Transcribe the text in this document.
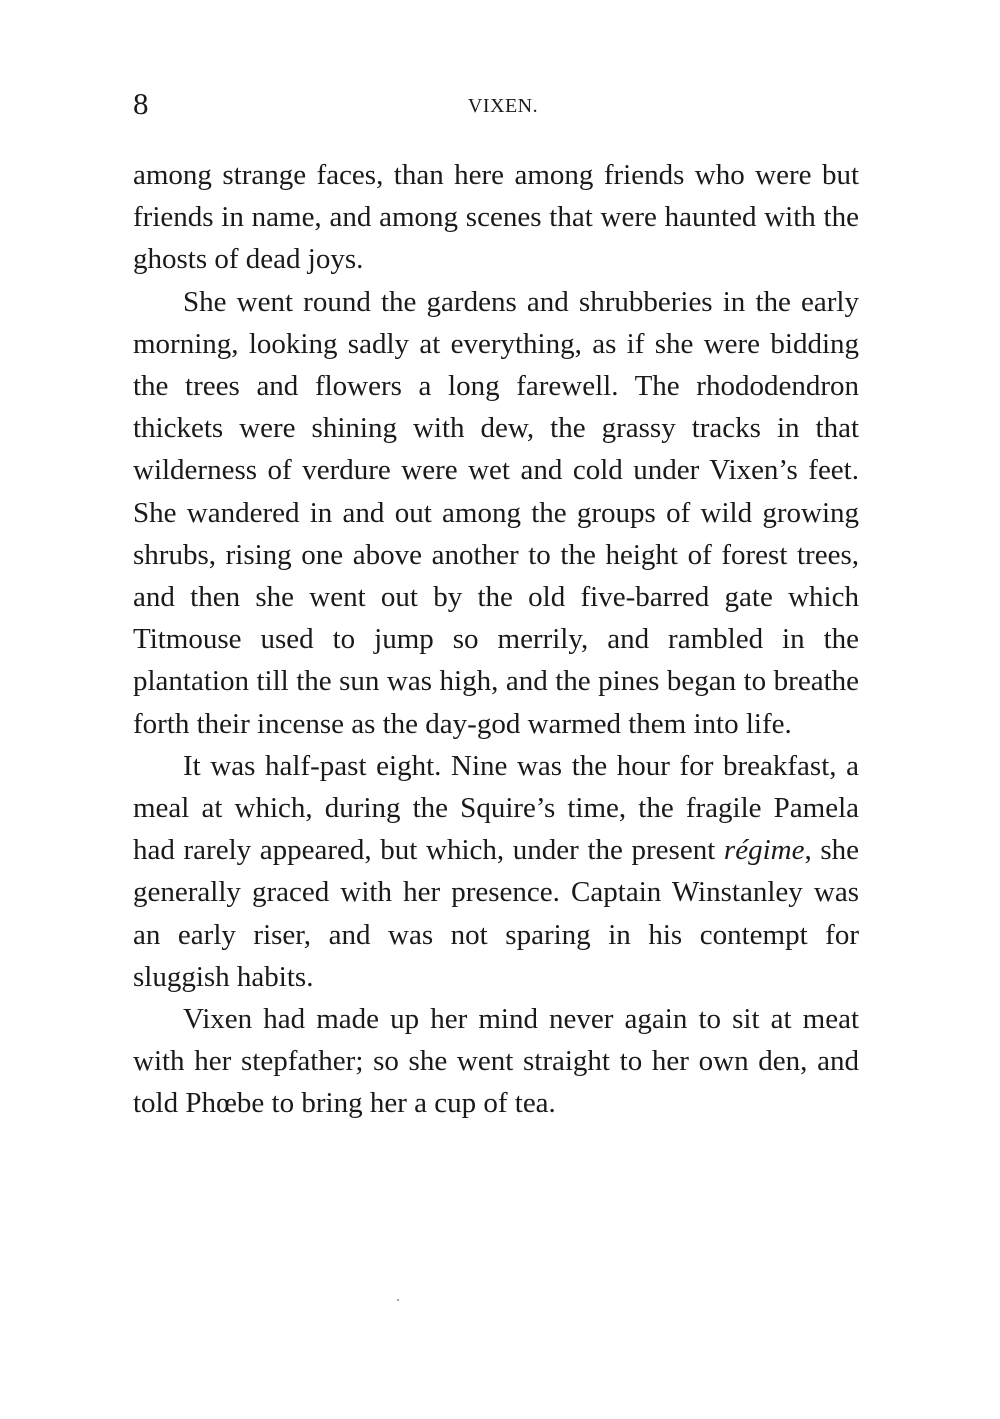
8	VIXEN.

among strange faces, than here among friends who were but friends in name, and among scenes that were haunted with the ghosts of dead joys.

She went round the gardens and shrubberies in the early morning, looking sadly at everything, as if she were bidding the trees and flowers a long farewell. The rhododendron thickets were shining with dew, the grassy tracks in that wilderness of verdure were wet and cold under Vixen’s feet. She wandered in and out among the groups of wild growing shrubs, rising one above another to the height of forest trees, and then she went out by the old five-barred gate which Titmouse used to jump so merrily, and rambled in the plantation till the sun was high, and the pines began to breathe forth their incense as the day-god warmed them into life.

It was half-past eight. Nine was the hour for breakfast, a meal at which, during the Squire’s time, the fragile Pamela had rarely appeared, but which, under the present régime, she generally graced with her presence. Captain Winstanley was an early riser, and was not sparing in his contempt for sluggish habits.

Vixen had made up her mind never again to sit at meat with her stepfather; so she went straight to her own den, and told Phœbe to bring her a cup of tea.
